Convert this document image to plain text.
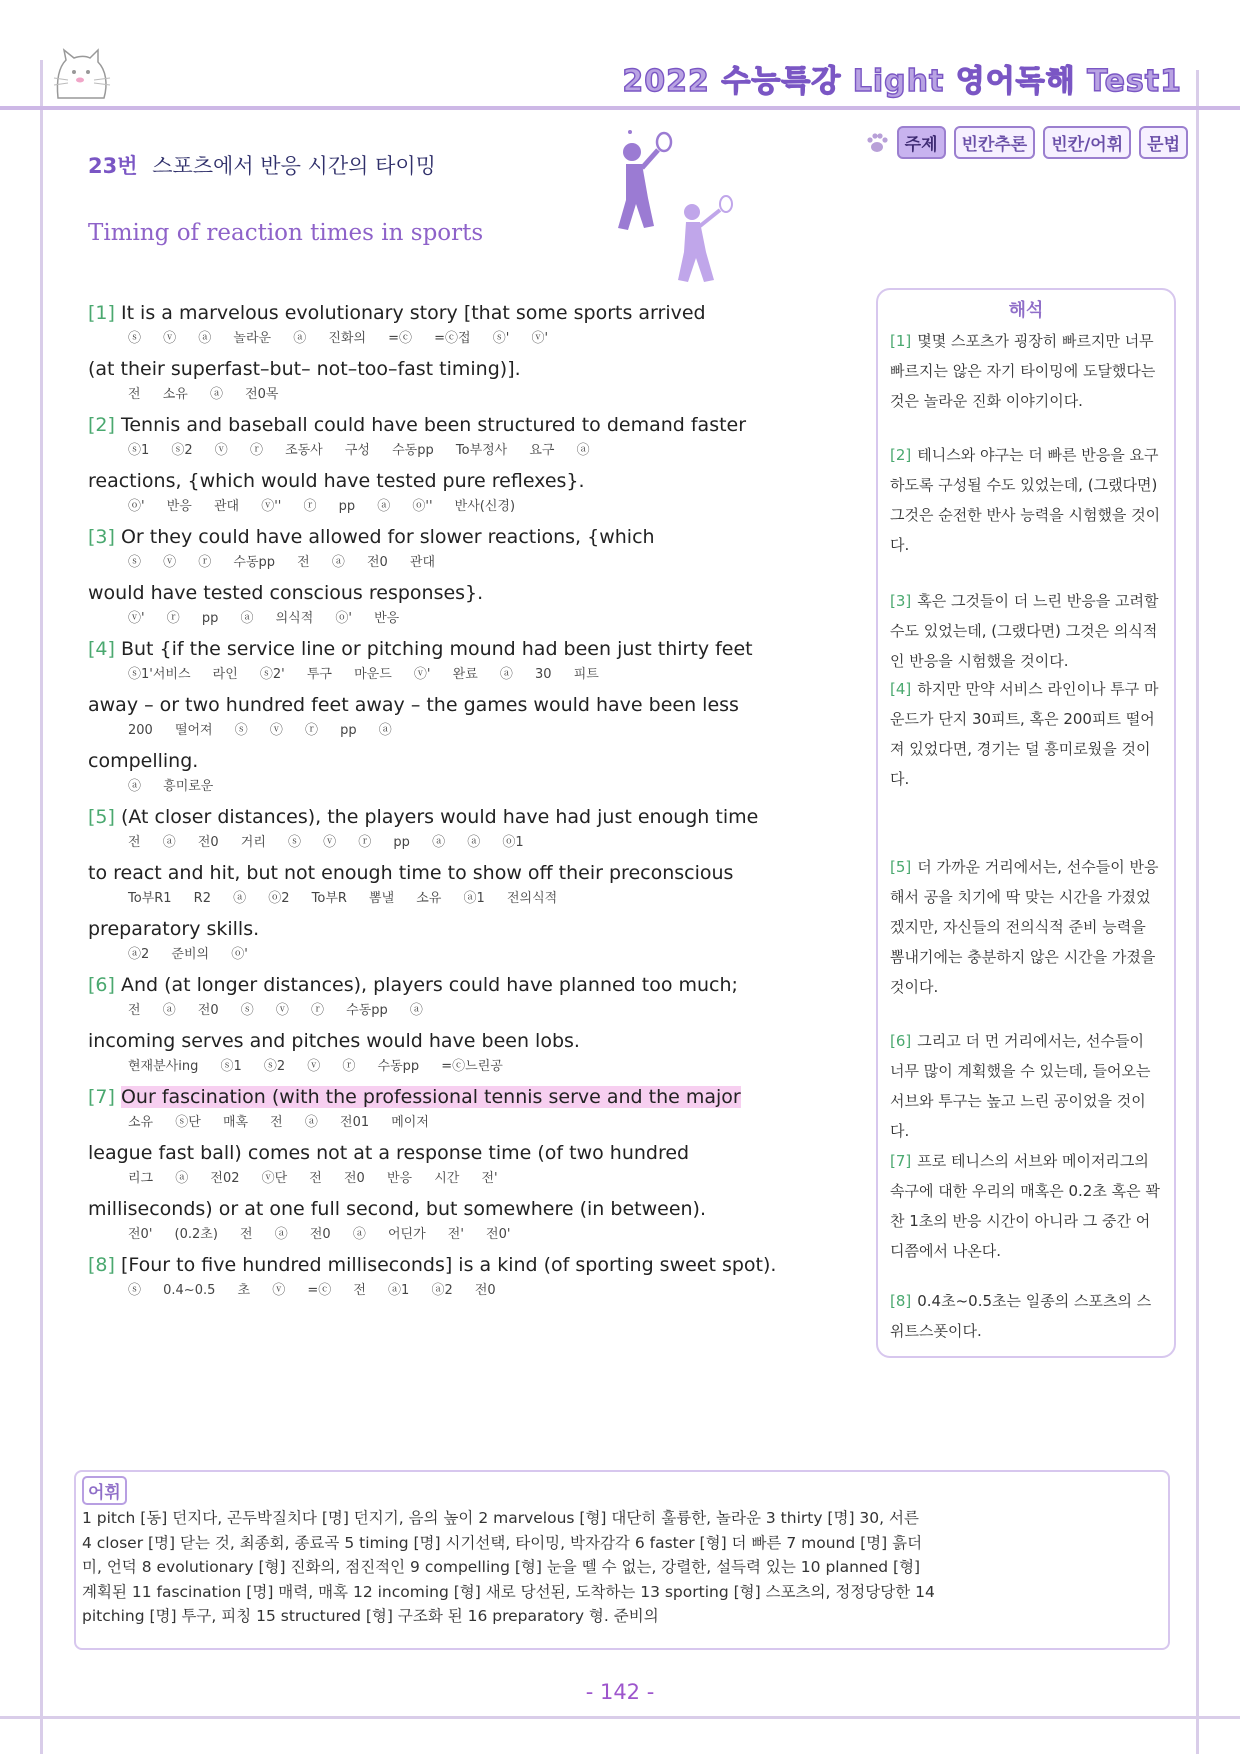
2022 수능특강 Light 영어독해 Test1
주제	빈칸추론	빈칸/어휘	문법
23번 스포츠에서 반응 시간의 타이밍
Timing of reaction times in sports
[1] It is a marvelous evolutionary story [that some sports arrived
ⓢ ⓥ ⓐ 놀라운 ⓐ 진화의 =ⓒ =ⓒ접 ⓢ' ⓥ'
(at their superfast–but– not–too–fast timing)].
전 소유 ⓐ 전0목
[2] Tennis and baseball could have been structured to demand faster
ⓢ1 ⓢ2 ⓥ ⓡ 조동사 구성 수동pp To부정사 요구 ⓐ
reactions, {which would have tested pure reflexes}.
ⓞ' 반응 관대 ⓥ'' ⓡ pp ⓐ ⓞ'' 반사(신경)
[3] Or they could have allowed for slower reactions, {which
ⓢ ⓥ ⓡ 수동pp 전 ⓐ 전0 관대
would have tested conscious responses}.
ⓥ' ⓡ pp ⓐ 의식적 ⓞ' 반응
[4] But {if the service line or pitching mound had been just thirty feet
ⓢ1'서비스 라인 ⓢ2' 투구 마운드 ⓥ' 완료 ⓐ 30 피트
away – or two hundred feet away – the games would have been less
200 떨어져 ⓢ ⓥ ⓡ pp ⓐ
compelling.
ⓐ 흥미로운
[5] (At closer distances), the players would have had just enough time
전 ⓐ 전0 거리 ⓢ ⓥ ⓡ pp ⓐ ⓐ ⓞ1
to react and hit, but not enough time to show off their preconscious
To부R1 R2 ⓐ ⓞ2 To부R 뽐낼 소유 ⓐ1 전의식적
preparatory skills.
ⓐ2 준비의 ⓞ'
[6] And (at longer distances), players could have planned too much;
전 ⓐ 전0 ⓢ ⓥ ⓡ 수동pp ⓐ
incoming serves and pitches would have been lobs.
현재분사ing ⓢ1 ⓢ2 ⓥ ⓡ 수동pp =ⓒ느린공
[7] Our fascination (with the professional tennis serve and the major
소유 ⓢ단 매혹 전 ⓐ 전01 메이저
league fast ball) comes not at a response time (of two hundred
리그 ⓐ 전02 ⓥ단 전 전0 반응 시간 전'
milliseconds) or at one full second, but somewhere (in between).
전0' (0.2초) 전 ⓐ 전0 ⓐ 어딘가 전' 전0'
[8] [Four to five hundred milliseconds] is a kind (of sporting sweet spot).
ⓢ 0.4~0.5 초 ⓥ =ⓒ 전 ⓐ1 ⓐ2 전0
해석
[1] 몇몇 스포츠가 굉장히 빠르지만 너무 빠르지는 않은 자기 타이밍에 도달했다는 것은 놀라운 진화 이야기이다.
[2] 테니스와 야구는 더 빠른 반응을 요구하도록 구성될 수도 있었는데, (그랬다면) 그것은 순전한 반사 능력을 시험했을 것이다.
[3] 혹은 그것들이 더 느린 반응을 고려할 수도 있었는데, (그랬다면) 그것은 의식적인 반응을 시험했을 것이다.
[4] 하지만 만약 서비스 라인이나 투구 마운드가 단지 30피트, 혹은 200피트 떨어져 있었다면, 경기는 덜 흥미로웠을 것이다.
[5] 더 가까운 거리에서는, 선수들이 반응해서 공을 치기에 딱 맞는 시간을 가졌었겠지만, 자신들의 전의식적 준비 능력을 뽐내기에는 충분하지 않은 시간을 가졌을 것이다.
[6] 그리고 더 먼 거리에서는, 선수들이 너무 많이 계획했을 수 있는데, 들어오는 서브와 투구는 높고 느린 공이었을 것이다.
[7] 프로 테니스의 서브와 메이저리그의 속구에 대한 우리의 매혹은 0.2초 혹은 꽉 찬 1초의 반응 시간이 아니라 그 중간 어디쯤에서 나온다.
[8] 0.4초~0.5초는 일종의 스포츠의 스위트스폿이다.
어휘
1 pitch [동] 던지다, 곤두박질치다 [명] 던지기, 음의 높이 2 marvelous [형] 대단히 훌륭한, 놀라운 3 thirty [명] 30, 서른
4 closer [명] 닫는 것, 최종회, 종료곡 5 timing [명] 시기선택, 타이밍, 박자감각 6 faster [형] 더 빠른 7 mound [명] 흙더
미, 언덕 8 evolutionary [형] 진화의, 점진적인 9 compelling [형] 눈을 뗄 수 없는, 강렬한, 설득력 있는 10 planned [형]
계획된 11 fascination [명] 매력, 매혹 12 incoming [형] 새로 당선된, 도착하는 13 sporting [형] 스포츠의, 정정당당한 14
pitching [명] 투구, 피칭 15 structured [형] 구조화 된 16 preparatory 형. 준비의
- 142 -
